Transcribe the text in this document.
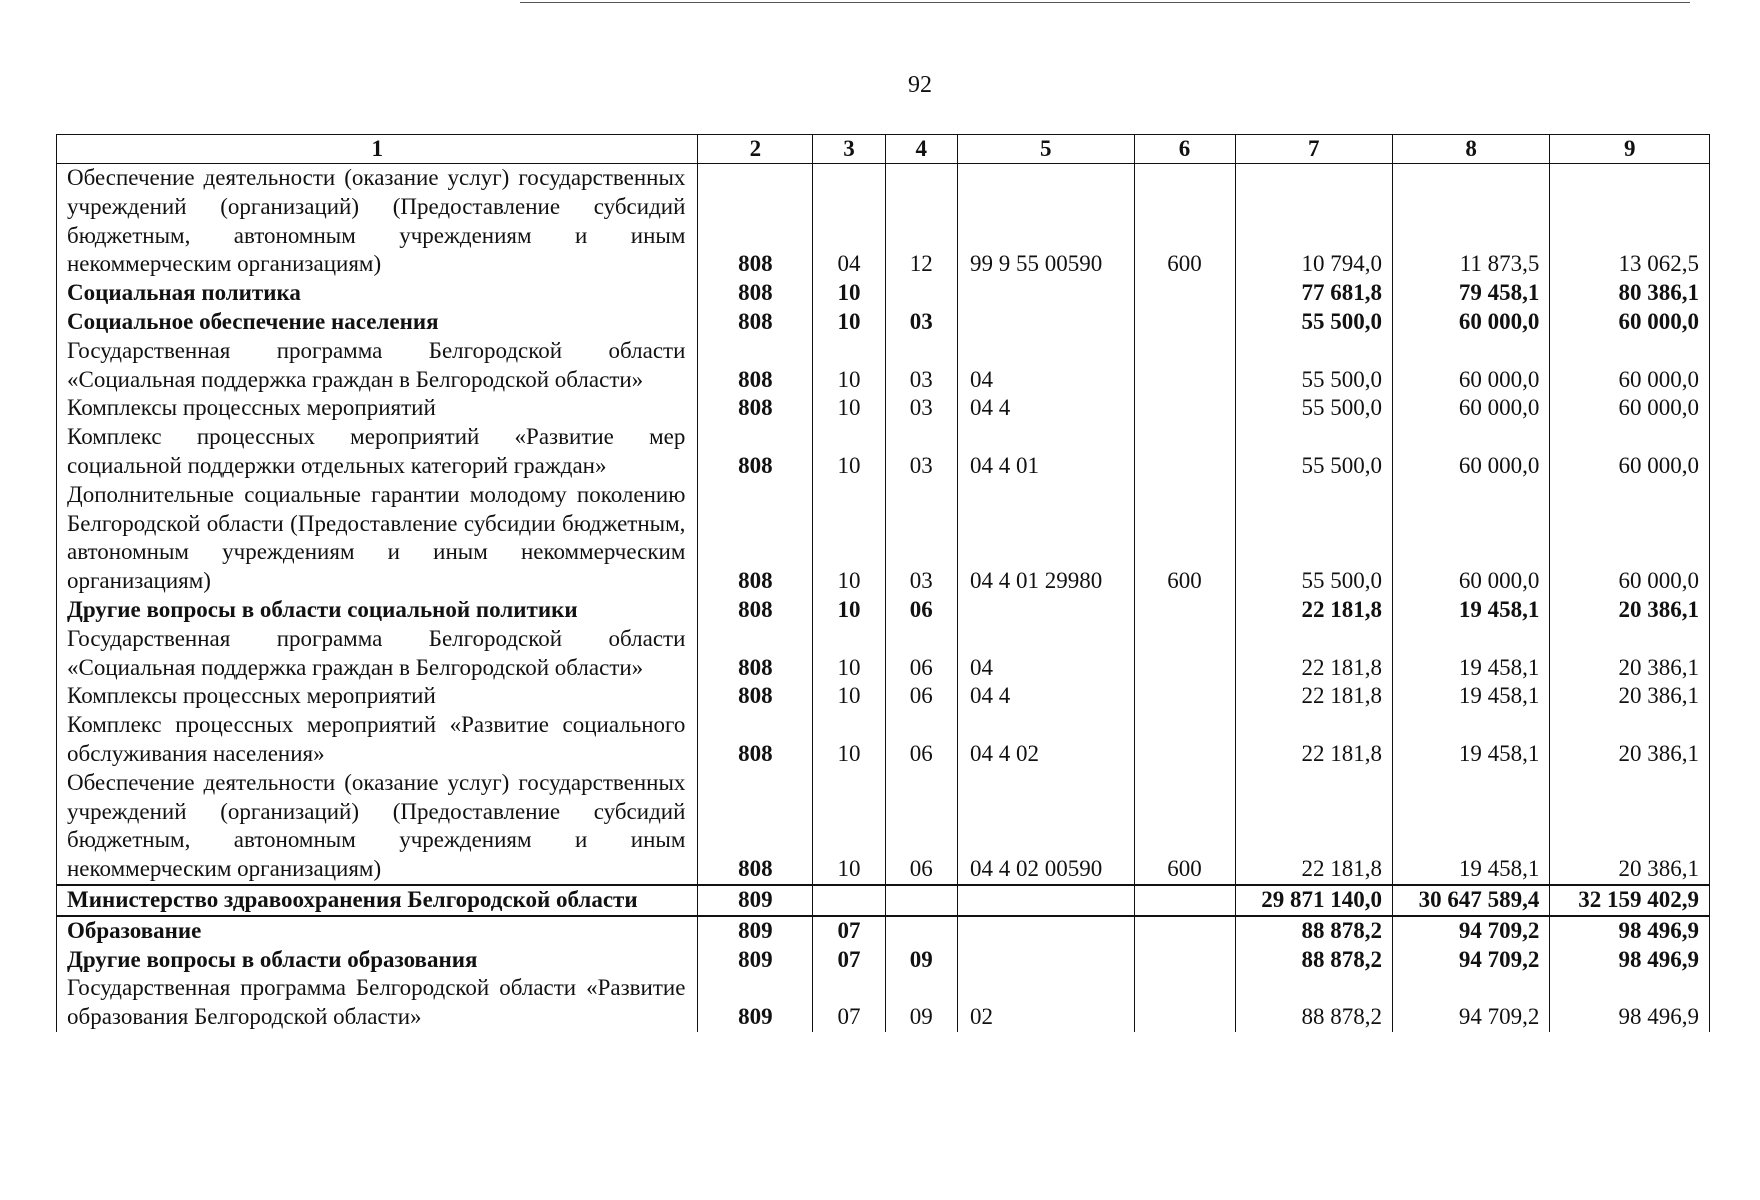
92
1	2	3	4	5	6	7	8	9
Обеспечение деятельности (оказание услуг) государственных учреждений (организаций) (Предоставление субсидий бюджетным, автономным учреждениям и иным некоммерческим организациям)	808	04	12	99 9 55 00590	600	10 794,0	11 873,5	13 062,5
Социальная политика	808	10				77 681,8	79 458,1	80 386,1
Социальное обеспечение населения	808	10	03			55 500,0	60 000,0	60 000,0
Государственная программа Белгородской области «Социальная поддержка граждан в Белгородской области»	808	10	03	04		55 500,0	60 000,0	60 000,0
Комплексы процессных мероприятий	808	10	03	04 4		55 500,0	60 000,0	60 000,0
Комплекс процессных мероприятий «Развитие мер социальной поддержки отдельных категорий граждан»	808	10	03	04 4 01		55 500,0	60 000,0	60 000,0
Дополнительные социальные гарантии молодому поколению Белгородской области (Предоставление субсидии бюджетным, автономным учреждениям и иным некоммерческим организациям)	808	10	03	04 4 01 29980	600	55 500,0	60 000,0	60 000,0
Другие вопросы в области социальной политики	808	10	06			22 181,8	19 458,1	20 386,1
Государственная программа Белгородской области «Социальная поддержка граждан в Белгородской области»	808	10	06	04		22 181,8	19 458,1	20 386,1
Комплексы процессных мероприятий	808	10	06	04 4		22 181,8	19 458,1	20 386,1
Комплекс процессных мероприятий «Развитие социального обслуживания населения»	808	10	06	04 4 02		22 181,8	19 458,1	20 386,1
Обеспечение деятельности (оказание услуг) государственных учреждений (организаций) (Предоставление субсидий бюджетным, автономным учреждениям и иным некоммерческим организациям)	808	10	06	04 4 02 00590	600	22 181,8	19 458,1	20 386,1
Министерство здравоохранения Белгородской области	809					29 871 140,0	30 647 589,4	32 159 402,9
Образование	809	07				88 878,2	94 709,2	98 496,9
Другие вопросы в области образования	809	07	09			88 878,2	94 709,2	98 496,9
Государственная программа Белгородской области «Развитие образования Белгородской области»	809	07	09	02		88 878,2	94 709,2	98 496,9
